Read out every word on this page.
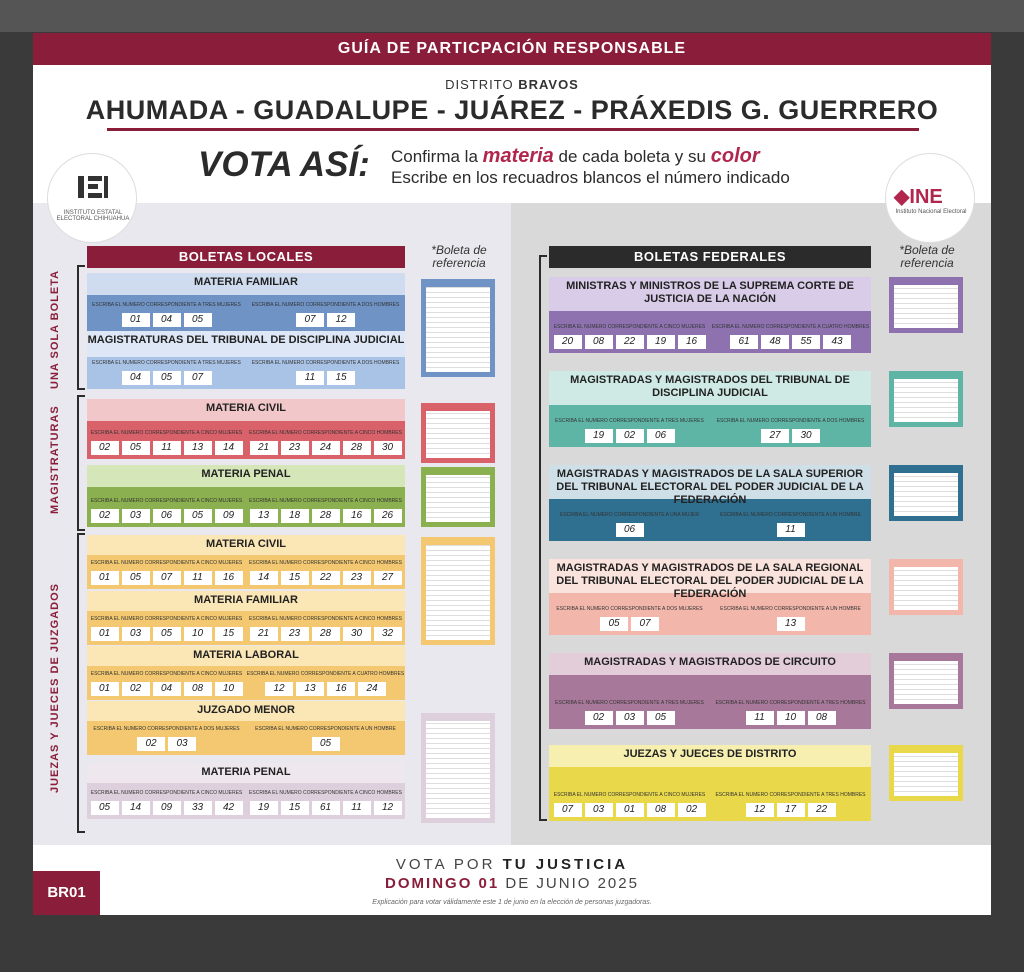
GUÍA DE PARTICPACIÓN RESPONSABLE
DISTRITO BRAVOS
AHUMADA - GUADALUPE - JUÁREZ - PRÁXEDIS G. GUERRERO
VOTA ASÍ: Confirma la materia de cada boleta y su color
Escribe en los recuadros blancos el número indicado
INSTITUTO ESTATAL ELECTORAL CHIHUAHUA
◆INE
Instituto Nacional Electoral
BOLETAS LOCALES	BOLETAS FEDERALES
*Boleta de referencia
*Boleta de referencia
UNA SOLA BOLETA
MAGISTRATURAS
JUEZAS Y JUECES DE JUZGADOS
MATERIA FAMILIAR
ESCRIBA EL NÚMERO CORRESPONDIENTE A TRES MUJERES
01	04	05
ESCRIBA EL NÚMERO CORRESPONDIENTE A DOS HOMBRES
07	12
MAGISTRATURAS DEL TRIBUNAL DE DISCIPLINA JUDICIAL
ESCRIBA EL NÚMERO CORRESPONDIENTE A TRES MUJERES
04	05	07
ESCRIBA EL NÚMERO CORRESPONDIENTE A DOS HOMBRES
11	15
MATERIA CIVIL
ESCRIBA EL NÚMERO CORRESPONDIENTE A CINCO MUJERES
02	05	11	13	14
ESCRIBA EL NÚMERO CORRESPONDIENTE A CINCO HOMBRES
21	23	24	28	30
MATERIA PENAL
ESCRIBA EL NÚMERO CORRESPONDIENTE A CINCO MUJERES
02	03	06	05	09
ESCRIBA EL NÚMERO CORRESPONDIENTE A CINCO HOMBRES
13	18	28	16	26
MATERIA CIVIL
ESCRIBA EL NÚMERO CORRESPONDIENTE A CINCO MUJERES
01	05	07	11	16
ESCRIBA EL NÚMERO CORRESPONDIENTE A CINCO HOMBRES
14	15	22	23	27
MATERIA FAMILIAR
ESCRIBA EL NÚMERO CORRESPONDIENTE A CINCO MUJERES
01	03	05	10	15
ESCRIBA EL NÚMERO CORRESPONDIENTE A CINCO HOMBRES
21	23	28	30	32
MATERIA LABORAL
ESCRIBA EL NÚMERO CORRESPONDIENTE A CINCO MUJERES
01	02	04	08	10
ESCRIBA EL NÚMERO CORRESPONDIENTE A CUATRO HOMBRES
12	13	16	24
JUZGADO MENOR
ESCRIBA EL NÚMERO CORRESPONDIENTE A DOS MUJERES
02	03
ESCRIBA EL NÚMERO CORRESPONDIENTE A UN HOMBRE
05
MATERIA PENAL
ESCRIBA EL NÚMERO CORRESPONDIENTE A CINCO MUJERES
05	14	09	33	42
ESCRIBA EL NÚMERO CORRESPONDIENTE A CINCO HOMBRES
19	15	61	11	12
MINISTRAS Y MINISTROS DE LA SUPREMA CORTE DE JUSTICIA DE LA NACIÓN
ESCRIBA EL NÚMERO CORRESPONDIENTE A CINCO MUJERES
20	08	22	19	16
ESCRIBA EL NÚMERO CORRESPONDIENTE A CUATRO HOMBRES
61	48	55	43
MAGISTRADAS Y MAGISTRADOS DEL TRIBUNAL DE DISCIPLINA JUDICIAL
ESCRIBA EL NÚMERO CORRESPONDIENTE A TRES MUJERES
19	02	06
ESCRIBA EL NÚMERO CORRESPONDIENTE A DOS HOMBRES
27	30
MAGISTRADAS Y MAGISTRADOS DE LA SALA SUPERIOR DEL TRIBUNAL ELECTORAL DEL PODER JUDICIAL DE LA FEDERACIÓN
ESCRIBA EL NÚMERO CORRESPONDIENTE A UNA MUJER
06
ESCRIBA EL NÚMERO CORRESPONDIENTE A UN HOMBRE
11
MAGISTRADAS Y MAGISTRADOS DE LA SALA REGIONAL DEL TRIBUNAL ELECTORAL DEL PODER JUDICIAL DE LA FEDERACIÓN
ESCRIBA EL NÚMERO CORRESPONDIENTE A DOS MUJERES
05	07
ESCRIBA EL NÚMERO CORRESPONDIENTE A UN HOMBRE
13
MAGISTRADAS Y MAGISTRADOS DE CIRCUITO
ESCRIBA EL NÚMERO CORRESPONDIENTE A TRES MUJERES
02	03	05
ESCRIBA EL NÚMERO CORRESPONDIENTE A TRES HOMBRES
11	10	08
JUEZAS Y JUECES DE DISTRITO
ESCRIBA EL NÚMERO CORRESPONDIENTE A CINCO MUJERES
07	03	01	08	02
ESCRIBA EL NÚMERO CORRESPONDIENTE A TRES HOMBRES
12	17	22
VOTA POR TU JUSTICIA
DOMINGO 01 DE JUNIO 2025
Explicación para votar válidamente este 1 de junio en la elección de personas juzgadoras.
BR01
